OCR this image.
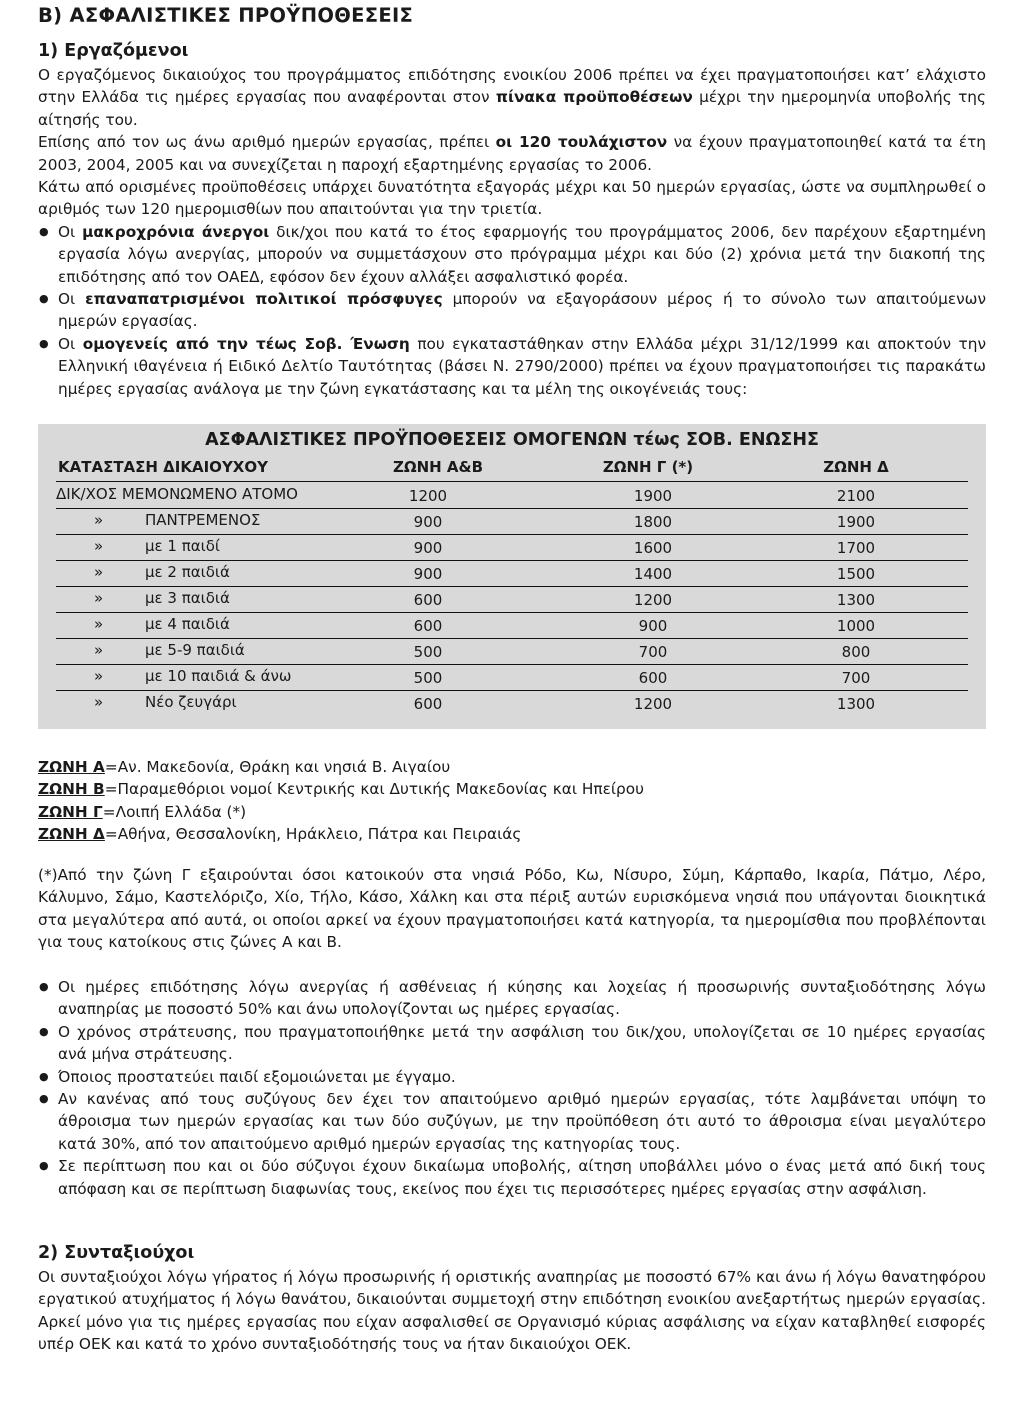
Β) ΑΣΦΑΛΙΣΤΙΚΕΣ ΠΡΟΫΠΟΘΕΣΕΙΣ
1) Εργαζόμενοι

Ο εργαζόμενος δικαιούχος του προγράμματος επιδότησης ενοικίου 2006 πρέπει να έχει πραγματοποιήσει κατ’ ελάχιστο στην Ελλάδα τις ημέρες εργασίας που αναφέρονται στον πίνακα προϋποθέσεων μέχρι την ημερομηνία υποβολής της αίτησής του.

Επίσης από τον ως άνω αριθμό ημερών εργασίας, πρέπει οι 120 τουλάχιστον να έχουν πραγματοποιηθεί κατά τα έτη 2003, 2004, 2005 και να συνεχίζεται η παροχή εξαρτημένης εργασίας το 2006.

Κάτω από ορισμένες προϋποθέσεις υπάρχει δυνατότητα εξαγοράς μέχρι και 50 ημερών εργασίας, ώστε να συμπληρωθεί ο αριθμός των 120 ημερομισθίων που απαιτούνται για την τριετία.

● Οι μακροχρόνια άνεργοι δικ/χοι που κατά το έτος εφαρμογής του προγράμματος 2006, δεν παρέχουν εξαρτημένη εργασία λόγω ανεργίας, μπορούν να συμμετάσχουν στο πρόγραμμα μέχρι και δύο (2) χρόνια μετά την διακοπή της επιδότησης από τον ΟΑΕΔ, εφόσον δεν έχουν αλλάξει ασφαλιστικό φορέα.
● Οι επαναπατρισμένοι πολιτικοί πρόσφυγες μπορούν να εξαγοράσουν μέρος ή το σύνολο των απαιτούμενων ημερών εργασίας.
● Οι ομογενείς από την τέως Σοβ. Ένωση που εγκαταστάθηκαν στην Ελλάδα μέχρι 31/12/1999 και αποκτούν την Ελληνική ιθαγένεια ή Ειδικό Δελτίο Ταυτότητας (βάσει Ν. 2790/2000) πρέπει να έχουν πραγματοποιήσει τις παρακάτω ημέρες εργασίας ανάλογα με την ζώνη εγκατάστασης και τα μέλη της οικογένειάς τους:
ΑΣΦΑΛΙΣΤΙΚΕΣ ΠΡΟΫΠΟΘΕΣΕΙΣ ΟΜΟΓΕΝΩΝ τέως ΣΟΒ. ΕΝΩΣΗΣ
ΚΑΤΑΣΤΑΣΗ ΔΙΚΑΙΟΥΧΟΥ	ΖΩΝΗ Α&Β	ΖΩΝΗ Γ (*)	ΖΩΝΗ Δ
ΔΙΚ/ΧΟΣ ΜΕΜΟΝΩΜΕΝΟ ΑΤΟΜΟ	1200	1900	2100
»	ΠΑΝΤΡΕΜΕΝΟΣ	900	1800	1900
»	με 1 παιδί	900	1600	1700
»	με 2 παιδιά	900	1400	1500
»	με 3 παιδιά	600	1200	1300
»	με 4 παιδιά	600	900	1000
»	με 5-9 παιδιά	500	700	800
»	με 10 παιδιά & άνω	500	600	700
»	Νέο ζευγάρι	600	1200	1300
ΖΩΝΗ Α=Αν. Μακεδονία, Θράκη και νησιά Β. Αιγαίου
ΖΩΝΗ Β=Παραμεθόριοι νομοί Κεντρικής και Δυτικής Μακεδονίας και Ηπείρου
ΖΩΝΗ Γ=Λοιπή Ελλάδα (*)
ΖΩΝΗ Δ=Αθήνα, Θεσσαλονίκη, Ηράκλειο, Πάτρα και Πειραιάς

(*)Από την ζώνη Γ εξαιρούνται όσοι κατοικούν στα νησιά Ρόδο, Κω, Νίσυρο, Σύμη, Κάρπαθο, Ικαρία, Πάτμο, Λέρο, Κάλυμνο, Σάμο, Καστελόριζο, Χίο, Τήλο, Κάσο, Χάλκη και στα πέριξ αυτών ευρισκόμενα νησιά που υπάγονται διοικητικά στα μεγαλύτερα από αυτά, οι οποίοι αρκεί να έχουν πραγματοποιήσει κατά κατηγορία, τα ημερομίσθια που προβλέπονται για τους κατοίκους στις ζώνες Α και Β.

● Οι ημέρες επιδότησης λόγω ανεργίας ή ασθένειας ή κύησης και λοχείας ή προσωρινής συνταξιοδότησης λόγω αναπηρίας με ποσοστό 50% και άνω υπολογίζονται ως ημέρες εργασίας.
● Ο χρόνος στράτευσης, που πραγματοποιήθηκε μετά την ασφάλιση του δικ/χου, υπολογίζεται σε 10 ημέρες εργασίας ανά μήνα στράτευσης.
● Όποιος προστατεύει παιδί εξομοιώνεται με έγγαμο.
● Αν κανένας από τους συζύγους δεν έχει τον απαιτούμενο αριθμό ημερών εργασίας, τότε λαμβάνεται υπόψη το άθροισμα των ημερών εργασίας και των δύο συζύγων, με την προϋπόθεση ότι αυτό το άθροισμα είναι μεγαλύτερο κατά 30%, από τον απαιτούμενο αριθμό ημερών εργασίας της κατηγορίας τους.
● Σε περίπτωση που και οι δύο σύζυγοι έχουν δικαίωμα υποβολής, αίτηση υποβάλλει μόνο ο ένας μετά από δική τους απόφαση και σε περίπτωση διαφωνίας τους, εκείνος που έχει τις περισσότερες ημέρες εργασίας στην ασφάλιση.
2) Συνταξιούχοι

Οι συνταξιούχοι λόγω γήρατος ή λόγω προσωρινής ή οριστικής αναπηρίας με ποσοστό 67% και άνω ή λόγω θανατηφόρου εργατικού ατυχήματος ή λόγω θανάτου, δικαιούνται συμμετοχή στην επιδότηση ενοικίου ανεξαρτήτως ημερών εργασίας. Αρκεί μόνο για τις ημέρες εργασίας που είχαν ασφαλισθεί σε Οργανισμό κύριας ασφάλισης να είχαν καταβληθεί εισφορές υπέρ ΟΕΚ και κατά το χρόνο συνταξιοδότησής τους να ήταν δικαιούχοι ΟΕΚ.
